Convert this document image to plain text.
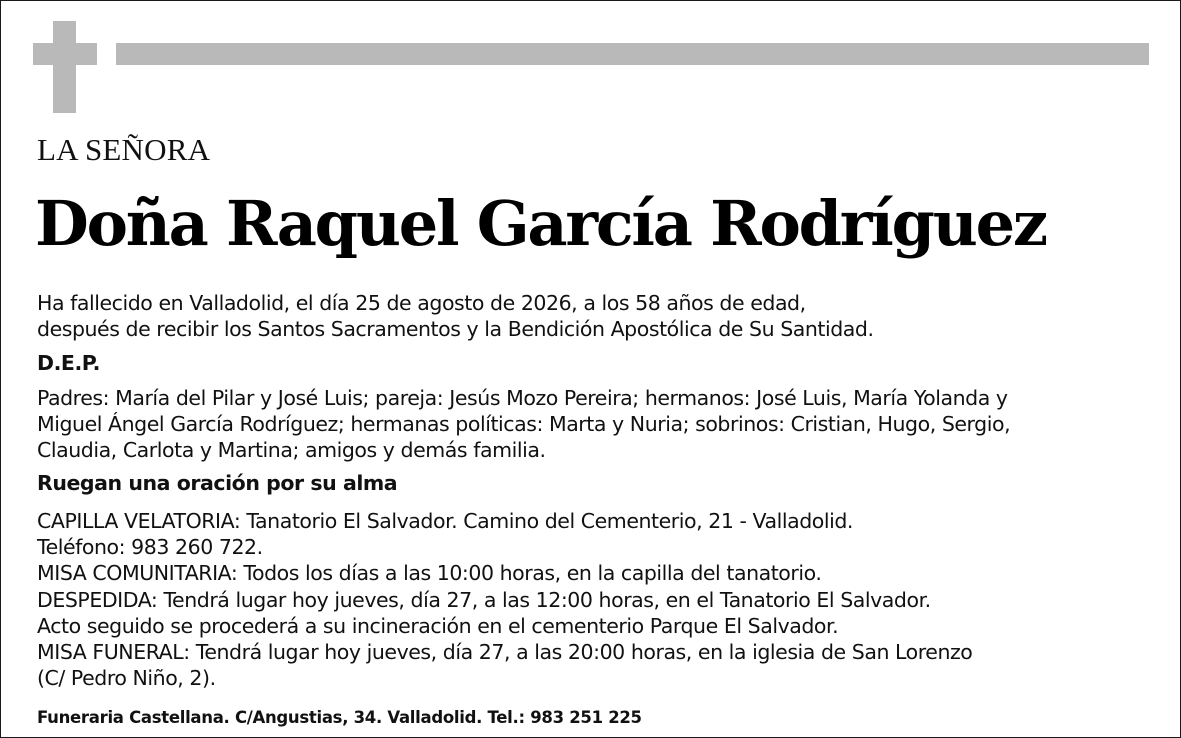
LA SEÑORA
Doña Raquel García Rodríguez
Ha fallecido en Valladolid, el día 25 de agosto de 2026, a los 58 años de edad,
después de recibir los Santos Sacramentos y la Bendición Apostólica de Su Santidad.
D.E.P.
Padres: María del Pilar y José Luis; pareja: Jesús Mozo Pereira; hermanos: José Luis, María Yolanda y
Miguel Ángel García Rodríguez; hermanas políticas: Marta y Nuria; sobrinos: Cristian, Hugo, Sergio,
Claudia, Carlota y Martina; amigos y demás familia.
Ruegan una oración por su alma
CAPILLA VELATORIA: Tanatorio El Salvador. Camino del Cementerio, 21 - Valladolid.
Teléfono: 983 260 722.
MISA COMUNITARIA: Todos los días a las 10:00 horas, en la capilla del tanatorio.
DESPEDIDA: Tendrá lugar hoy jueves, día 27, a las 12:00 horas, en el Tanatorio El Salvador.
Acto seguido se procederá a su incineración en el cementerio Parque El Salvador.
MISA FUNERAL: Tendrá lugar hoy jueves, día 27, a las 20:00 horas, en la iglesia de San Lorenzo
(C/ Pedro Niño, 2).
Funeraria Castellana. C/Angustias, 34. Valladolid. Tel.: 983 251 225
